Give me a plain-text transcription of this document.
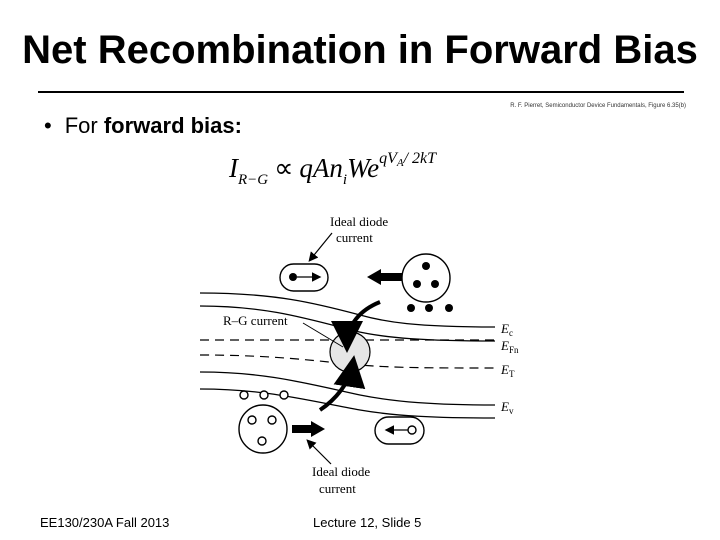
Net Recombination in Forward Bias
R. F. Pierret, Semiconductor Device Fundamentals, Figure 6.35(b)
• For forward bias:
$I_{R-G} \propto qAn_iWe^{qVA/ 2kT}$
Ideal diode
current
R–G current
E c
E Fn
E T
E v
Ideal diode
current
EE130/230A Fall 2013	Lecture 12, Slide 5
